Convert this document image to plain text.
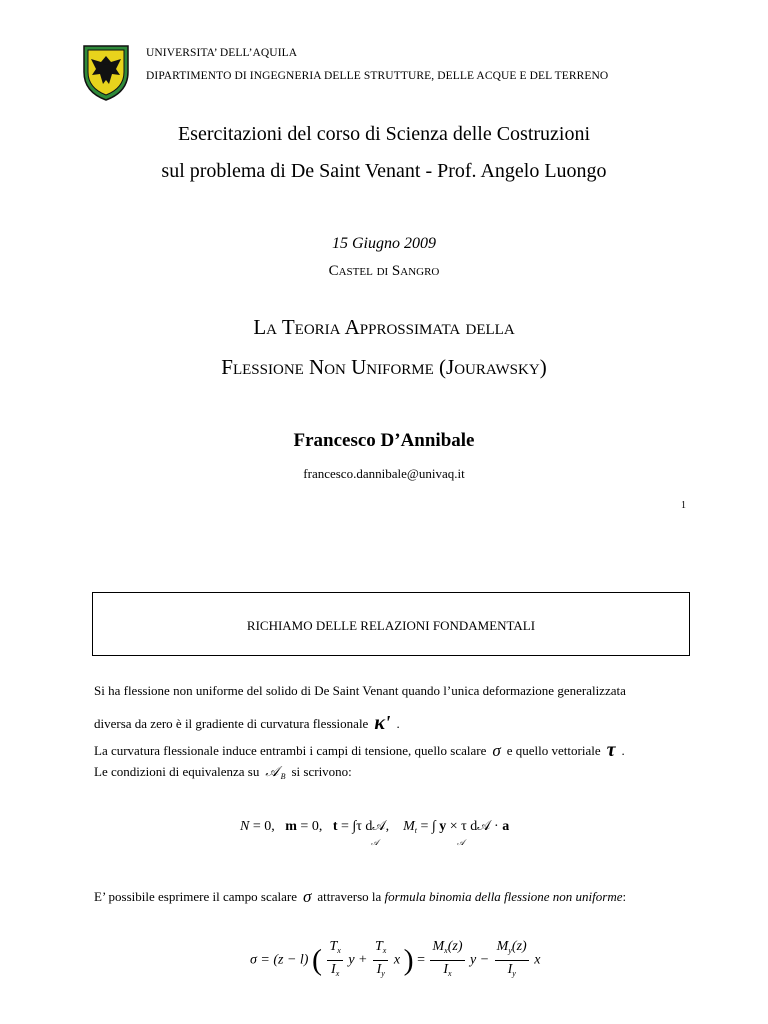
UNIVERSITA’ DELL’AQUILA
DIPARTIMENTO DI INGEGNERIA DELLE STRUTTURE, DELLE ACQUE E DEL TERRENO
Esercitazioni del corso di Scienza delle Costruzioni
sul problema di De Saint Venant - Prof. Angelo Luongo
15 Giugno 2009
Castel di Sangro
La Teoria Approssimata della
Flessione Non Uniforme (Jourawsky)
Francesco D’Annibale
francesco.dannibale@univaq.it
1
RICHIAMO DELLE RELAZIONI FONDAMENTALI
Si ha flessione non uniforme del solido di De Saint Venant quando l’unica deformazione generalizzata
diversa da zero è il gradiente di curvatura flessionale κ' .
La curvatura flessionale induce entrambi i campi di tensione, quello scalare σ e quello vettoriale τ .
Le condizioni di equivalenza su 𝒜 $_B$ si scrivono:
N = 0, m = 0, t = ∫τ d𝒜, $M_t$ = ∫ y × τ d𝒜 · a
𝒜	𝒜
E’ possibile esprimere il campo scalare σ attraverso la formula binomia della flessione non uniforme:
σ = (z − l) ( $\frac{T_x}{I_x}$ $y + \frac{T_x}{I_y}$ x ) = $\frac{M_x(z)}{I_x}$ $y - \frac{M_y(z)}{I_y}$ x
